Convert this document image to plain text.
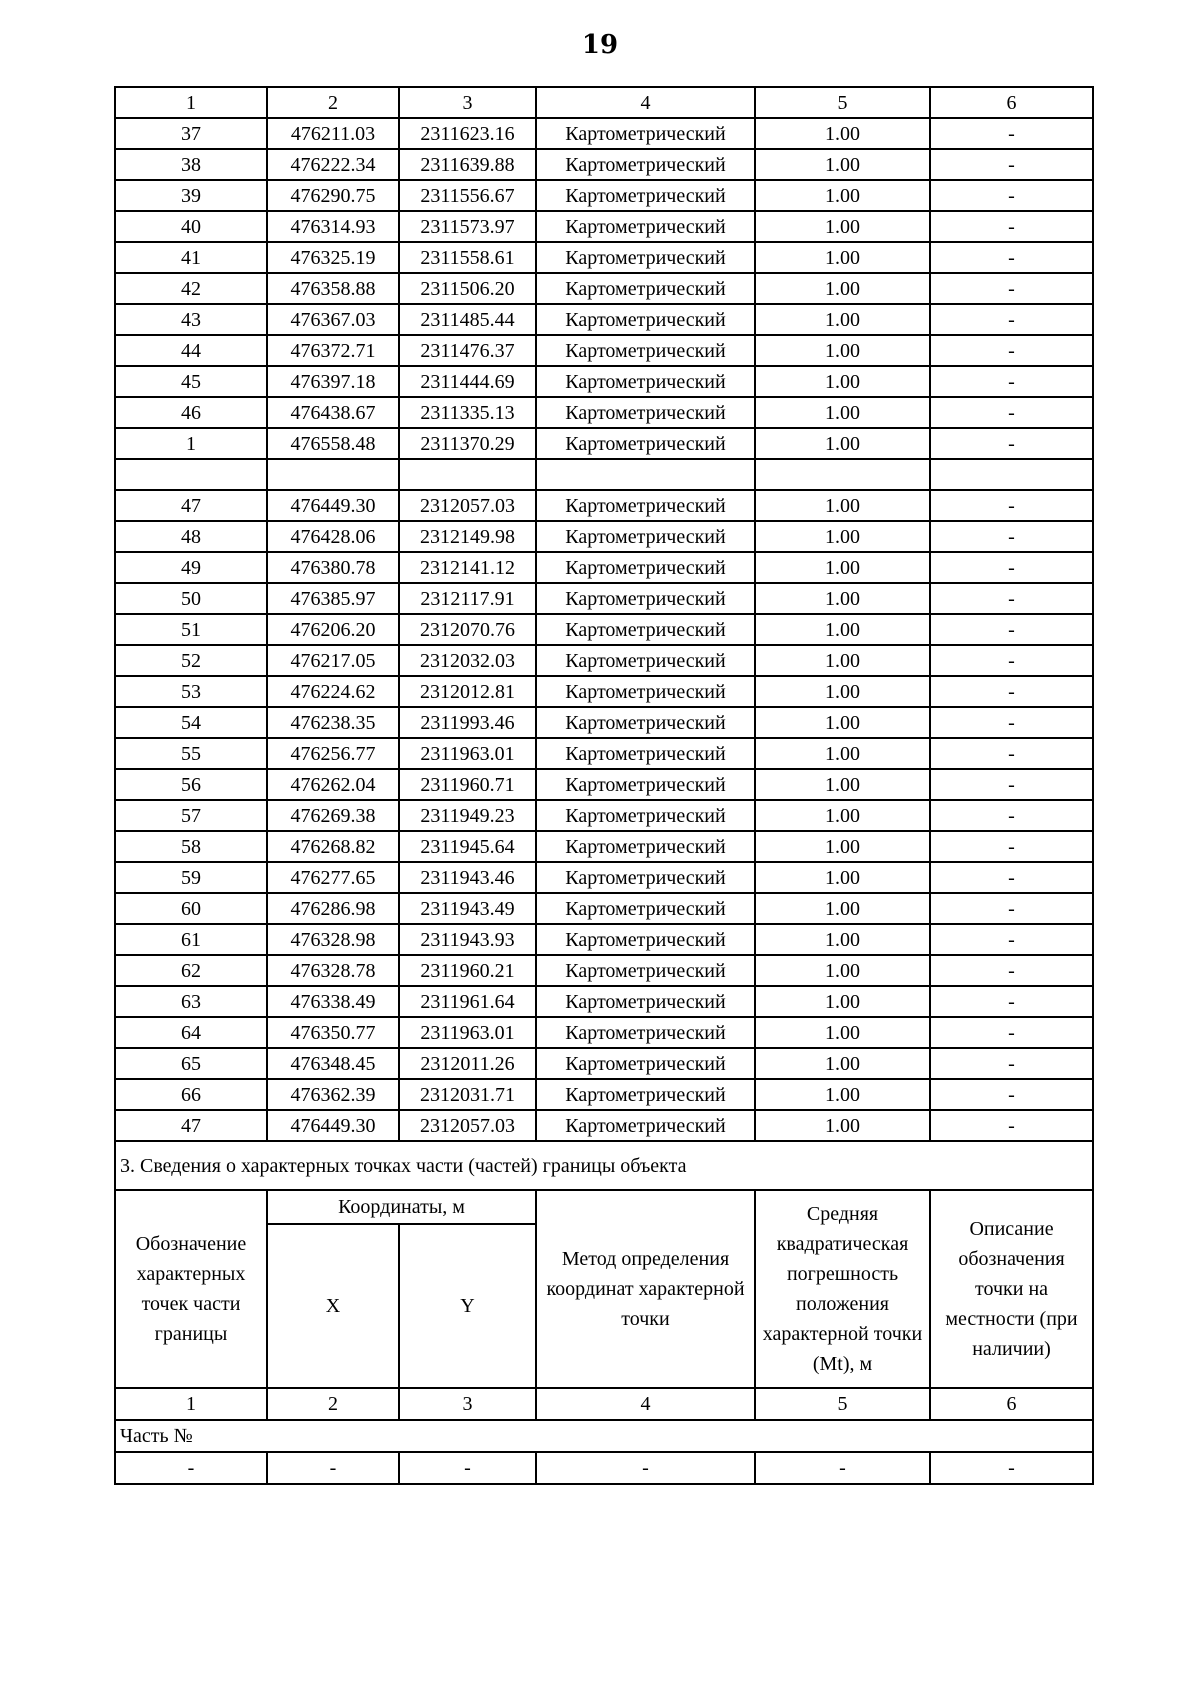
19
1	2	3	4	5	6
37	476211.03	2311623.16	Картометрический	1.00	-
38	476222.34	2311639.88	Картометрический	1.00	-
39	476290.75	2311556.67	Картометрический	1.00	-
40	476314.93	2311573.97	Картометрический	1.00	-
41	476325.19	2311558.61	Картометрический	1.00	-
42	476358.88	2311506.20	Картометрический	1.00	-
43	476367.03	2311485.44	Картометрический	1.00	-
44	476372.71	2311476.37	Картометрический	1.00	-
45	476397.18	2311444.69	Картометрический	1.00	-
46	476438.67	2311335.13	Картометрический	1.00	-
1	476558.48	2311370.29	Картометрический	1.00	-

47	476449.30	2312057.03	Картометрический	1.00	-
48	476428.06	2312149.98	Картометрический	1.00	-
49	476380.78	2312141.12	Картометрический	1.00	-
50	476385.97	2312117.91	Картометрический	1.00	-
51	476206.20	2312070.76	Картометрический	1.00	-
52	476217.05	2312032.03	Картометрический	1.00	-
53	476224.62	2312012.81	Картометрический	1.00	-
54	476238.35	2311993.46	Картометрический	1.00	-
55	476256.77	2311963.01	Картометрический	1.00	-
56	476262.04	2311960.71	Картометрический	1.00	-
57	476269.38	2311949.23	Картометрический	1.00	-
58	476268.82	2311945.64	Картометрический	1.00	-
59	476277.65	2311943.46	Картометрический	1.00	-
60	476286.98	2311943.49	Картометрический	1.00	-
61	476328.98	2311943.93	Картометрический	1.00	-
62	476328.78	2311960.21	Картометрический	1.00	-
63	476338.49	2311961.64	Картометрический	1.00	-
64	476350.77	2311963.01	Картометрический	1.00	-
65	476348.45	2312011.26	Картометрический	1.00	-
66	476362.39	2312031.71	Картометрический	1.00	-
47	476449.30	2312057.03	Картометрический	1.00	-
3. Сведения о характерных точках части (частей) границы объекта					
Обозначение характерных точек части границы	Координаты, м		Метод определения координат характерной точки	Средняя квадратическая погрешность положения характерной точки (Mt), м	Описание обозначения точки на местности (при наличии)
	X	Y			
1	2	3	4	5	6
Часть №					
-	-	-	-	-	-
